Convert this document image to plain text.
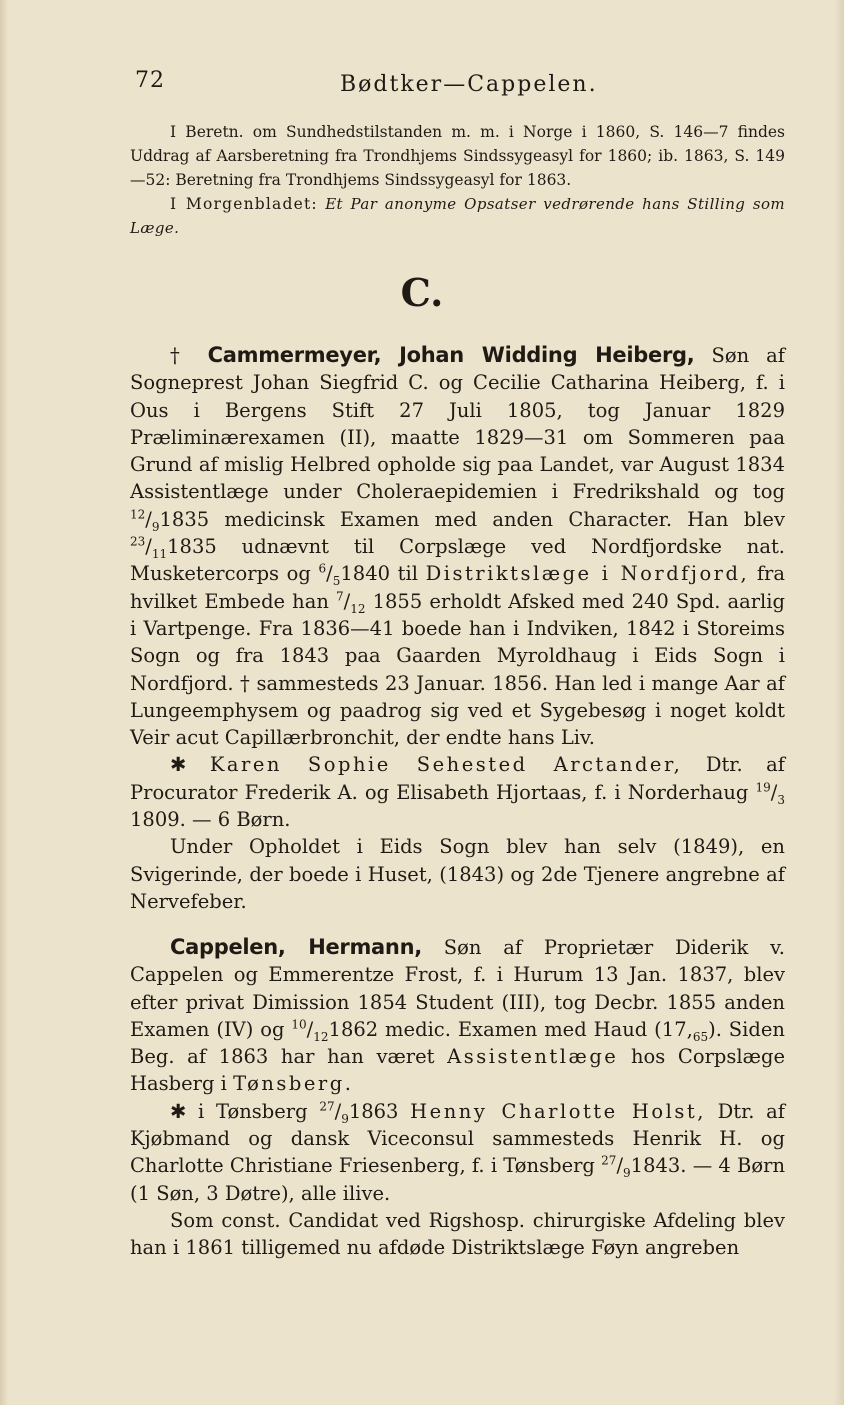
72	Bødtker—Cappelen.
I Beretn. om Sundhedstilstanden m. m. i Norge i 1860, S. 146—7 findes Uddrag af Aarsberetning fra Trondhjems Sindssygeasyl for 1860; ib. 1863, S. 149—52: Beretning fra Trondhjems Sindssygeasyl for 1863.
I Morgenbladet: Et Par anonyme Opsatser vedrørende hans Stilling som Læge.
C.

† Cammermeyer, Johan Widding Heiberg, Søn af Sogneprest Johan Siegfrid C. og Cecilie Catharina Heiberg, f. i Ous i Bergens Stift 27 Juli 1805, tog Januar 1829 Præliminærexamen (II), maatte 1829—31 om Sommeren paa Grund af mislig Helbred opholde sig paa Landet, var August 1834 Assistentlæge under Choleraepidemien i Fredrikshald og tog $^{12}/_91835$ medicinsk Examen med anden Character. Han blev $^{23}/_{11}1835$ udnævnt til Corpslæge ved Nordfjordske nat. Musketercorps og $^6/_51840$ til Distriktslæge i Nordfjord, fra hvilket Embede han $^7/_{12}$ 1855 erholdt Afsked med 240 Spd. aarlig i Vartpenge. Fra 1836—41 boede han i Indviken, 1842 i Storeims Sogn og fra 1843 paa Gaarden Myroldhaug i Eids Sogn i Nordfjord. † sammesteds 23 Januar. 1856. Han led i mange Aar af Lungeemphysem og paadrog sig ved et Sygebesøg i noget koldt Veir acut Capillærbronchit, der endte hans Liv.

✱ Karen Sophie Sehested Arctander, Dtr. af Procurator Frederik A. og Elisabeth Hjortaas, f. i Norderhaug $^{19}/_3$ 1809. — 6 Børn.

Under Opholdet i Eids Sogn blev han selv (1849), en Svigerinde, der boede i Huset, (1843) og 2de Tjenere angrebne af Nervefeber.

Cappelen, Hermann, Søn af Proprietær Diderik v. Cappelen og Emmerentze Frost, f. i Hurum 13 Jan. 1837, blev efter privat Dimission 1854 Student (III), tog Decbr. 1855 anden Examen (IV) og $^{10}/_{12}1862$ medic. Examen med Haud $(17,_{65})$. Siden Beg. af 1863 har han været Assistentlæge hos Corpslæge Hasberg i Tønsberg.

✱ i Tønsberg $^{27}/_91863$ Henny Charlotte Holst, Dtr. af Kjøbmand og dansk Viceconsul sammesteds Henrik H. og Charlotte Christiane Friesenberg, f. i Tønsberg $^{27}/_91843$. — 4 Børn (1 Søn, 3 Døtre), alle ilive.

Som const. Candidat ved Rigshosp. chirurgiske Afdeling blev han i 1861 tilligemed nu afdøde Distriktslæge Føyn angreben
